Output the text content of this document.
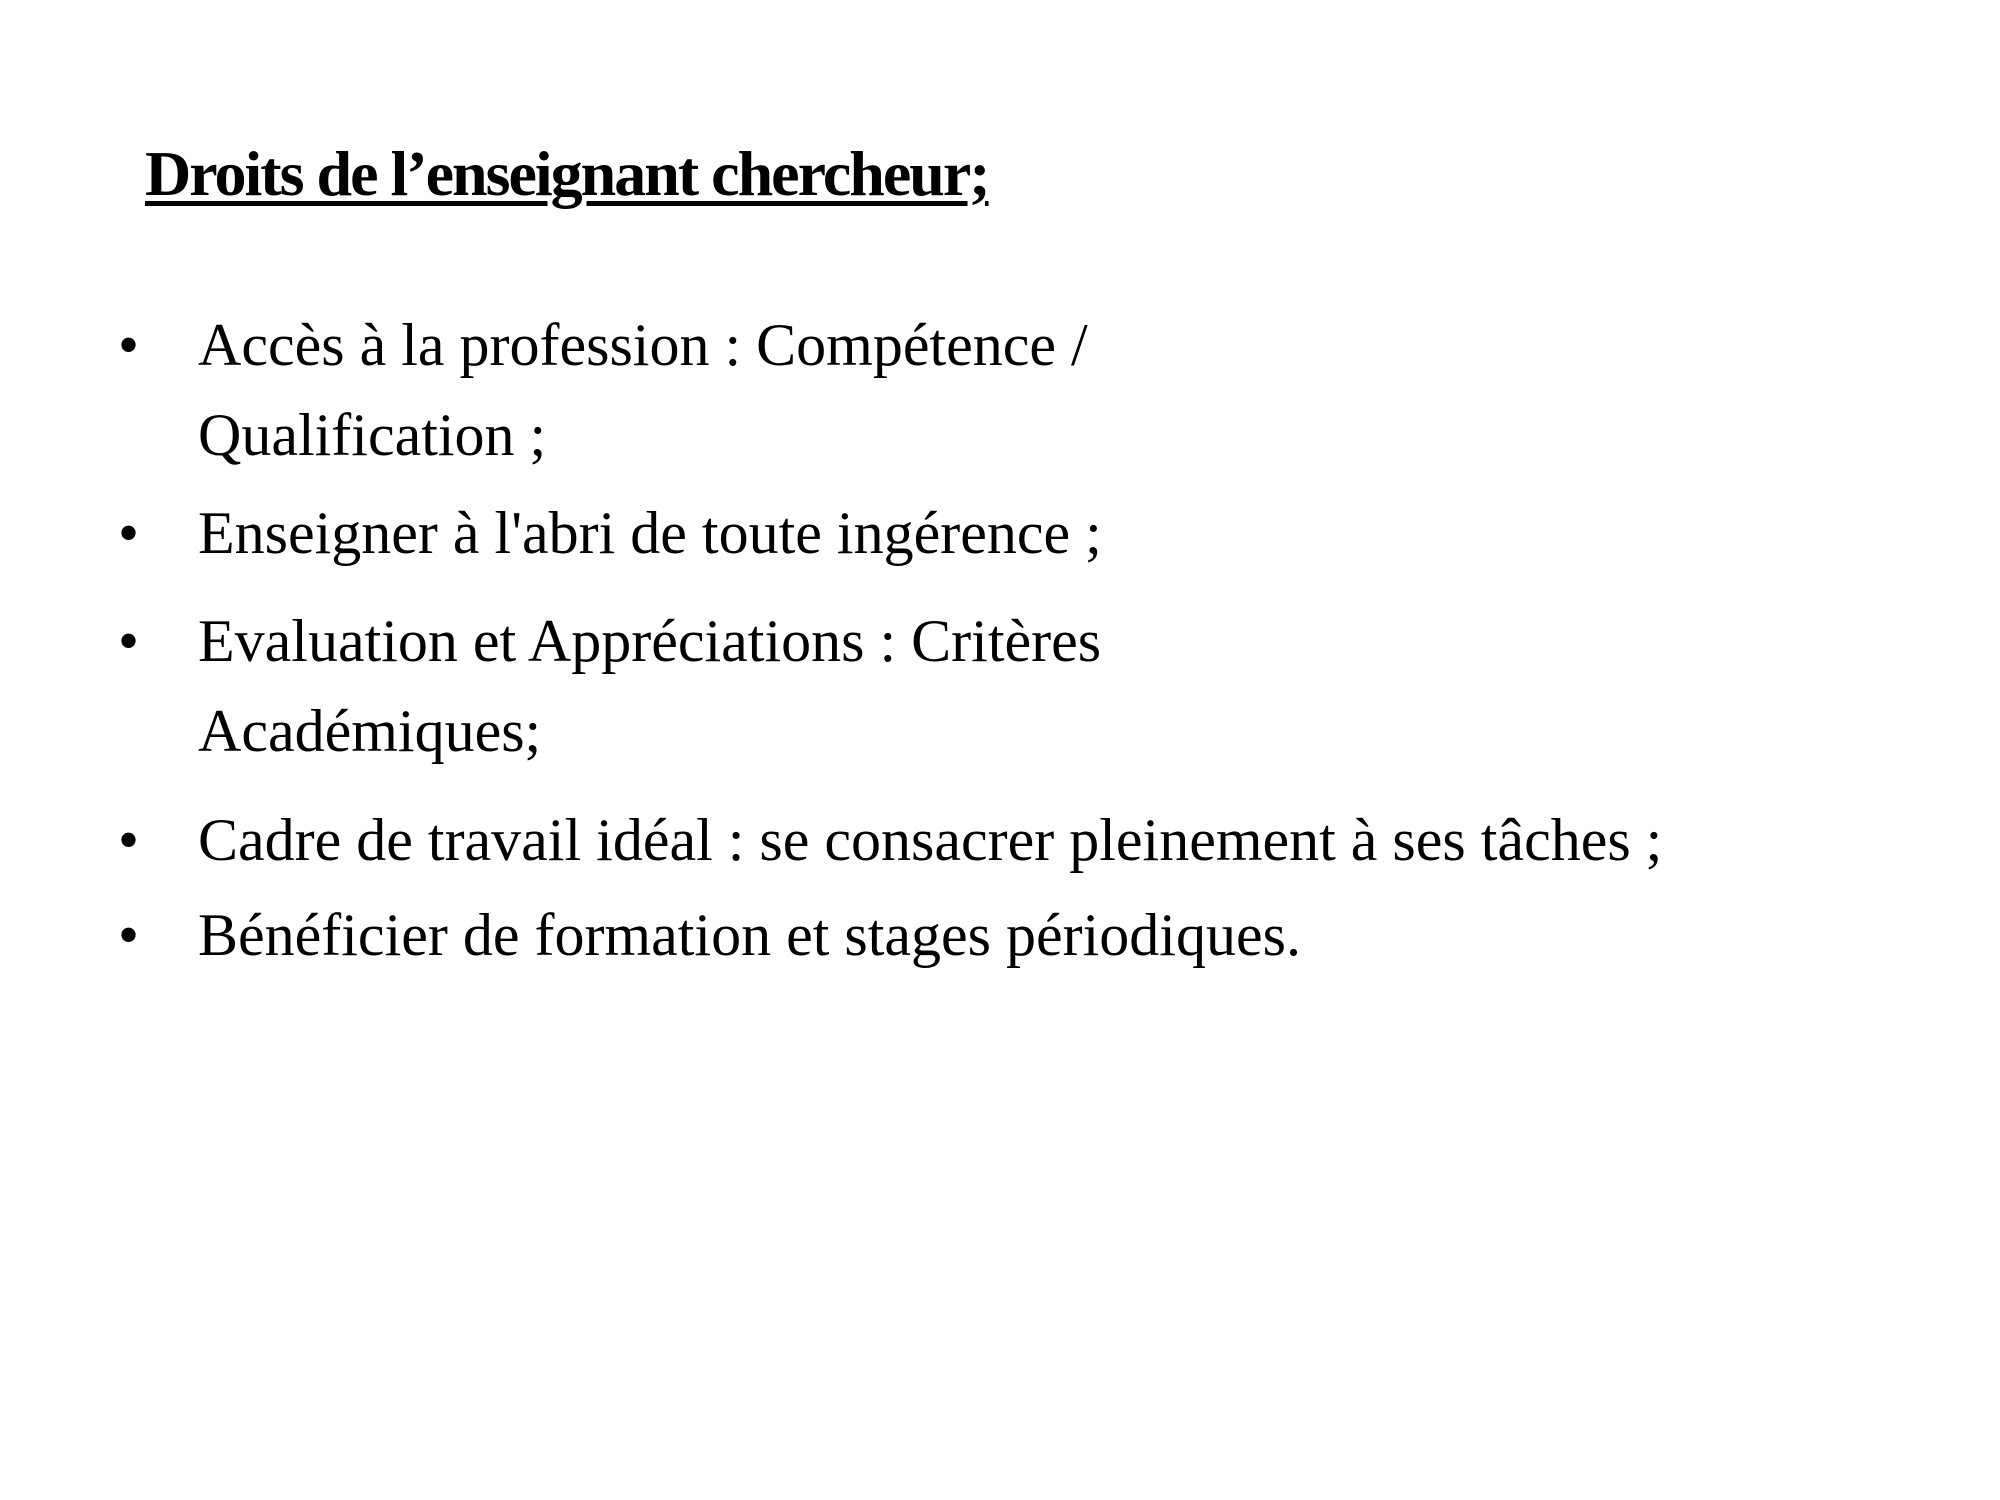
Droits de l’enseignant chercheur;
• Accès à la profession : Compétence /
Qualification ;
• Enseigner à l'abri de toute ingérence ;
• Evaluation et Appréciations : Critères
Académiques;
• Cadre de travail idéal : se consacrer pleinement à ses tâches ;
• Bénéficier de formation et stages périodiques.
